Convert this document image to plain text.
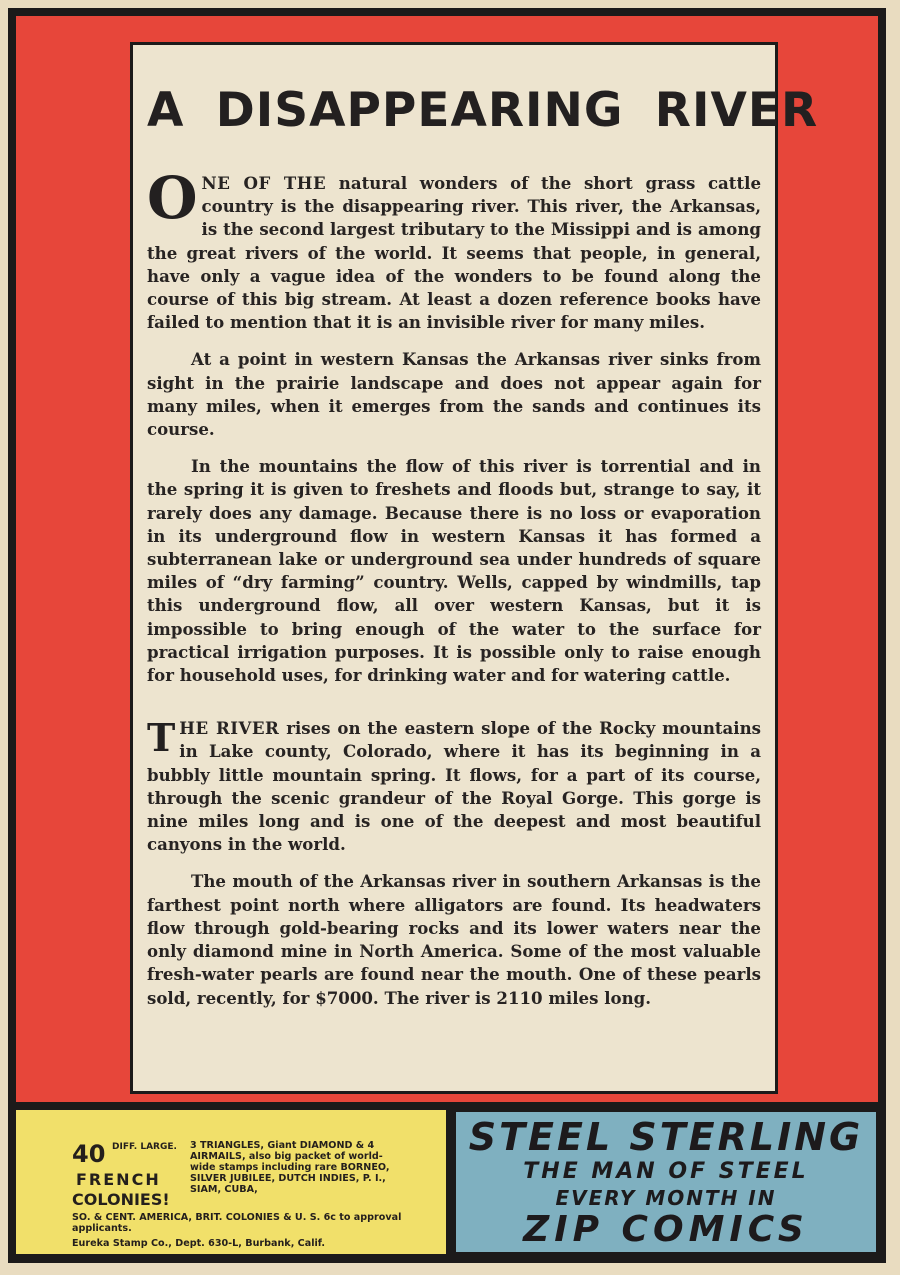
A DISAPPEARING RIVER

ONE OF THE natural wonders of the short grass cattle country is the disappearing river. This river, the Arkansas, is the second largest tributary to the Missippi and is among the great rivers of the world. It seems that people, in general, have only a vague idea of the wonders to be found along the course of this big stream. At least a dozen reference books have failed to mention that it is an invisible river for many miles.

At a point in western Kansas the Arkansas river sinks from sight in the prairie landscape and does not appear again for many miles, when it emerges from the sands and continues its course.

In the mountains the flow of this river is torrential and in the spring it is given to freshets and floods but, strange to say, it rarely does any damage. Because there is no loss or evaporation in its underground flow in western Kansas it has formed a subterranean lake or underground sea under hundreds of square miles of “dry farming” country. Wells, capped by windmills, tap this underground flow, all over western Kansas, but it is impossible to bring enough of the water to the surface for practical irrigation purposes. It is possible only to raise enough for household uses, for drinking water and for watering cattle.

THE RIVER rises on the eastern slope of the Rocky mountains in Lake county, Colorado, where it has its beginning in a bubbly little mountain spring. It flows, for a part of its course, through the scenic grandeur of the Royal Gorge. This gorge is nine miles long and is one of the deepest and most beautiful canyons in the world.

The mouth of the Arkansas river in southern Arkansas is the farthest point north where alligators are found. Its headwaters flow through gold-bearing rocks and its lower waters near the only diamond mine in North America. Some of the most valuable fresh-water pearls are found near the mouth. One of these pearls sold, recently, for $7000. The river is 2110 miles long.

40 DIFF. LARGE.
FRENCH
COLONIES!
3 TRIANGLES, Giant DIAMOND & 4 AIRMAILS, also big packet of world-wide stamps including rare BORNEO, SILVER JUBILEE, DUTCH INDIES, P. I., SIAM, CUBA,
SO. & CENT. AMERICA, BRIT. COLONIES & U. S. 6c to approval applicants.
Eureka Stamp Co., Dept. 630-L, Burbank, Calif.
STEEL STERLING
THE MAN OF STEEL
EVERY MONTH IN
ZIP COMICS
